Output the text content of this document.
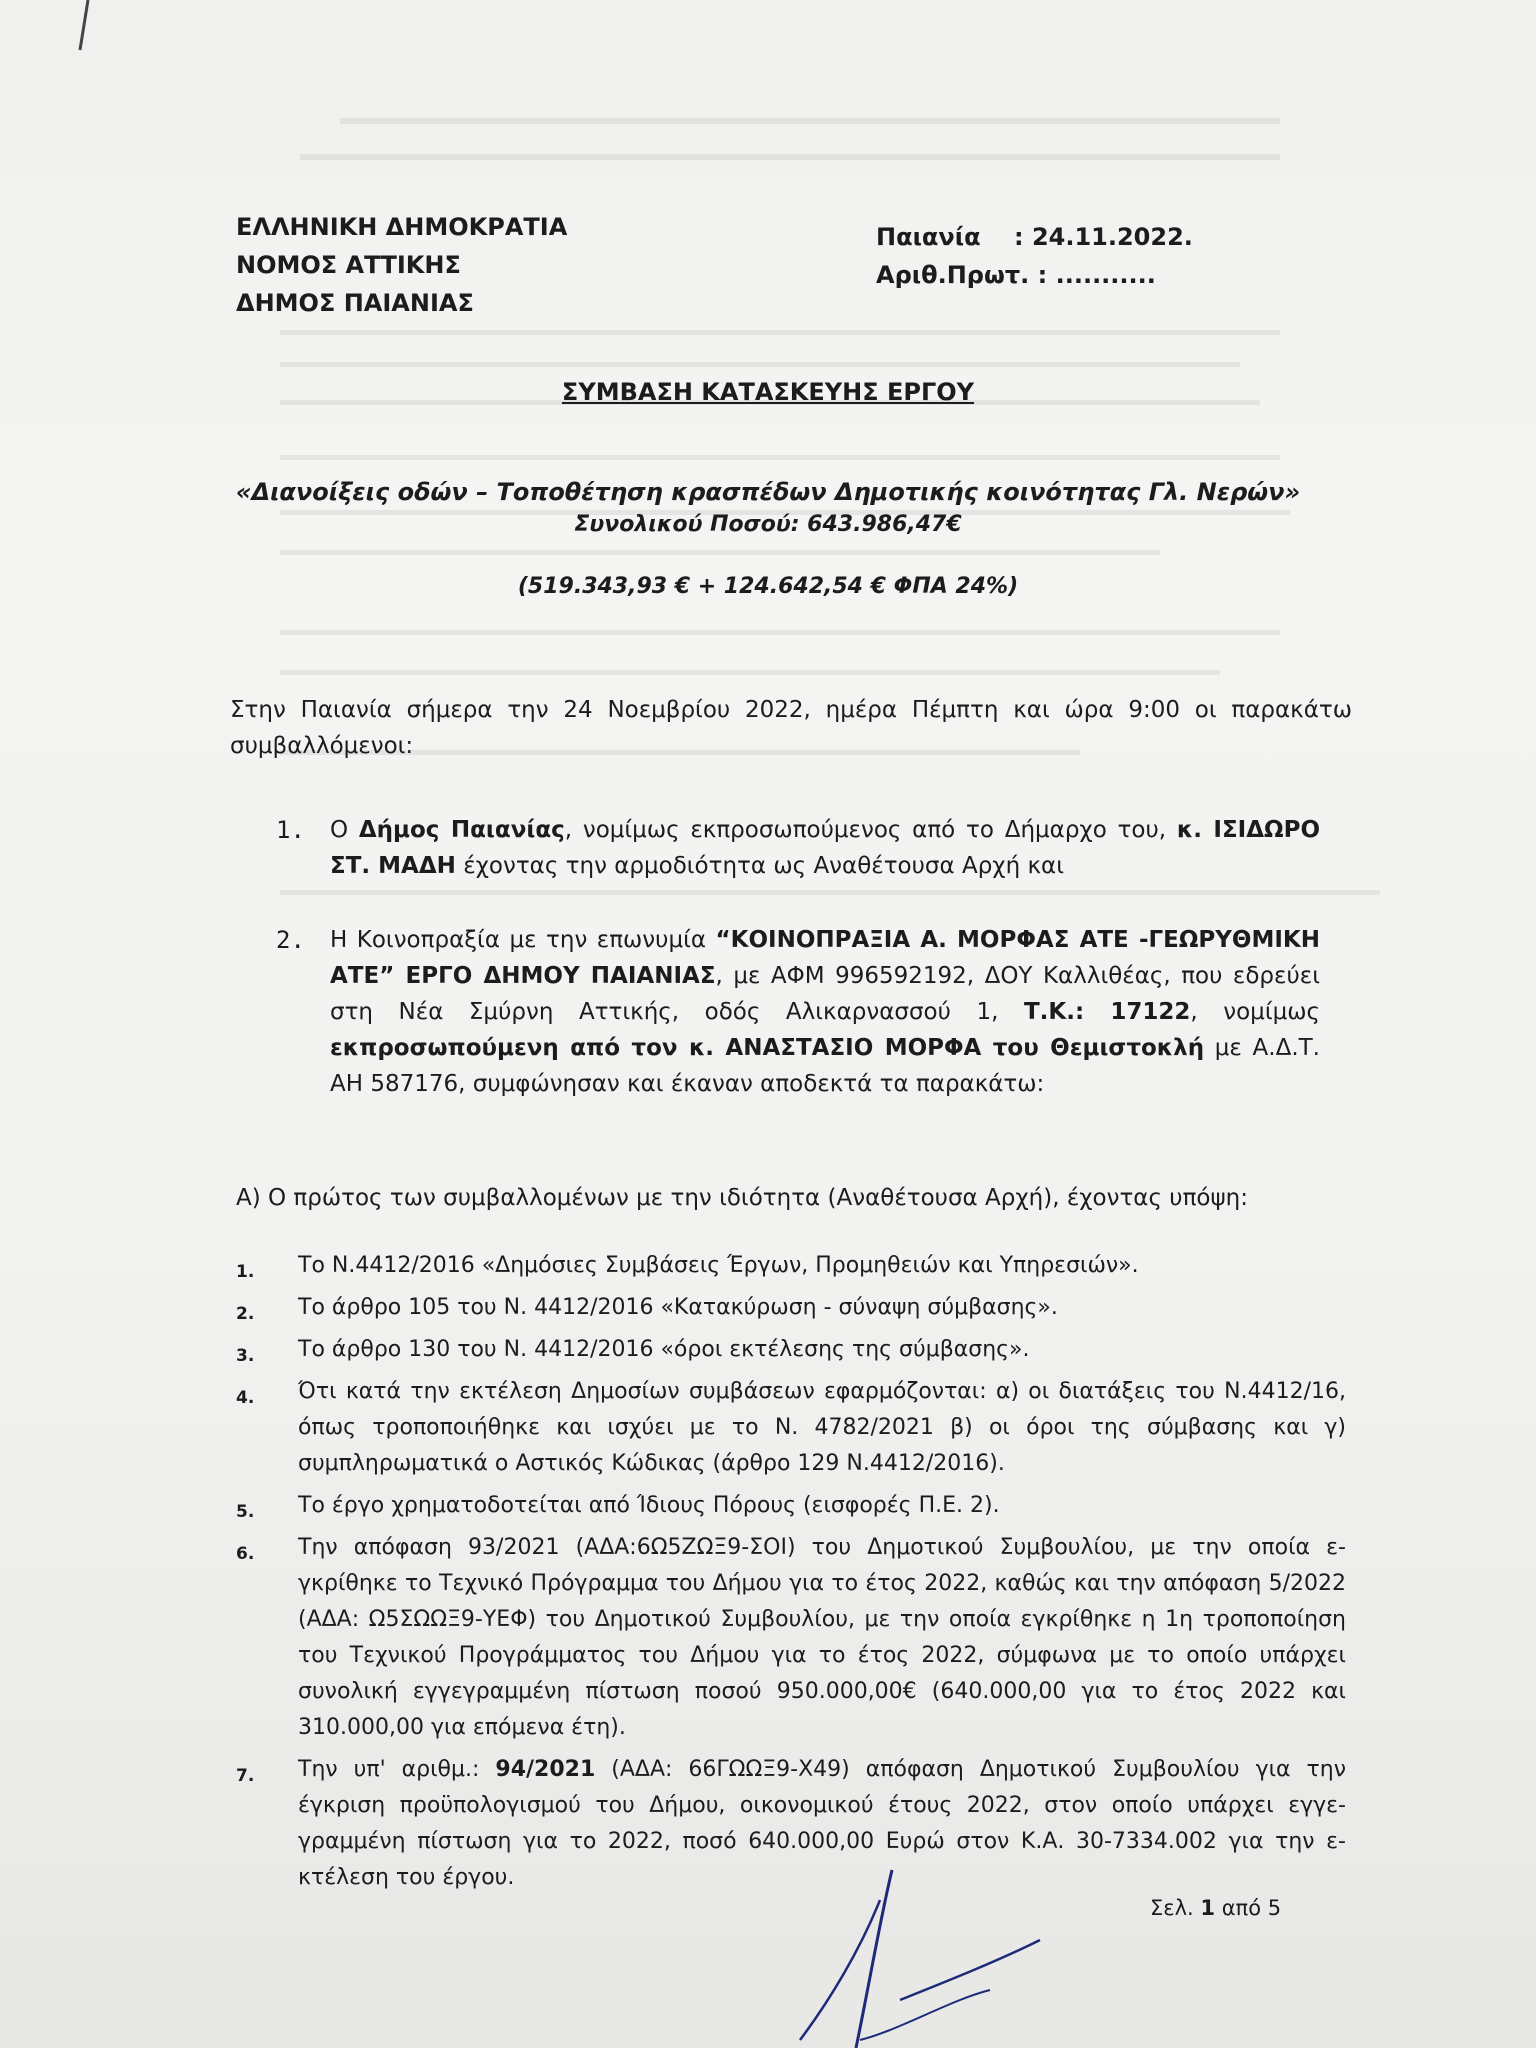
ΕΛΛΗΝΙΚΗ ΔΗΜΟΚΡΑΤΙΑ
ΝΟΜΟΣ ΑΤΤΙΚΗΣ
ΔΗΜΟΣ ΠΑΙΑΝΙΑΣ
Παιανία : 24.11.2022.
Αριθ.Πρωτ. : ...........
ΣΥΜΒΑΣΗ ΚΑΤΑΣΚΕΥΗΣ ΕΡΓΟΥ
«Διανοίξεις οδών – Τοποθέτηση κρασπέδων Δημοτικής κοινότητας Γλ. Νερών»
Συνολικού Ποσού: 643.986,47€
(519.343,93 € + 124.642,54 € ΦΠΑ 24%)
Στην Παιανία σήμερα την 24 Νοεμβρίου 2022, ημέρα Πέμπτη και ώρα 9:00 οι παρακάτω συμβαλλόμενοι:
1. Ο Δήμος Παιανίας, νομίμως εκπροσωπούμενος από το Δήμαρχο του, κ. ΙΣΙΔΩΡΟ ΣΤ. ΜΑΔΗ έχοντας την αρμοδιότητα ως Αναθέτουσα Αρχή και
2. Η Κοινοπραξία με την επωνυμία “ΚΟΙΝΟΠΡΑΞΙΑ Α. ΜΟΡΦΑΣ ΑΤΕ -ΓΕΩΡΥΘΜΙΚΗ ΑΤΕ” ΕΡΓΟ ΔΗΜΟΥ ΠΑΙΑΝΙΑΣ, με ΑΦΜ 996592192, ΔΟΥ Καλλιθέας, που εδρεύει στη Νέα Σμύρνη Αττικής, οδός Αλικαρνασσού 1, Τ.Κ.: 17122, νομίμως εκπροσωπούμενη από τον κ. ΑΝΑΣΤΑΣΙΟ ΜΟΡΦΑ του Θεμιστοκλή με Α.Δ.Τ. ΑΗ 587176, συμφώνησαν και έκαναν αποδεκτά τα παρακάτω:
Α) Ο πρώτος των συμβαλλομένων με την ιδιότητα (Αναθέτουσα Αρχή), έχοντας υπόψη:
1.	Το Ν.4412/2016 «Δημόσιες Συμβάσεις Έργων, Προμηθειών και Υπηρεσιών».
2.	Το άρθρο 105 του Ν. 4412/2016 «Κατακύρωση - σύναψη σύμβασης».
3.	Το άρθρο 130 του Ν. 4412/2016 «όροι εκτέλεσης της σύμβασης».
4.	Ότι κατά την εκτέλεση Δημοσίων συμβάσεων εφαρμόζονται: α) οι διατάξεις του Ν.4412/16, όπως τροποποιήθηκε και ισχύει με το Ν. 4782/2021 β) οι όροι της σύμβασης και γ) συμπληρωματικά ο Αστικός Κώδικας (άρθρο 129 Ν.4412/2016).
5.	Το έργο χρηματοδοτείται από Ίδιους Πόρους (εισφορές Π.Ε. 2).
6.	Την απόφαση 93/2021 (ΑΔΑ:6Ω5ΖΩΞ9-ΣΟΙ) του Δημοτικού Συμβουλίου, με την οποία ε-γκρίθηκε το Τεχνικό Πρόγραμμα του Δήμου για το έτος 2022, καθώς και την απόφαση 5/2022 (ΑΔΑ: Ω5ΣΩΩΞ9-ΥΕΦ) του Δημοτικού Συμβουλίου, με την οποία εγκρίθηκε η 1η τροποποίηση του Τεχνικού Προγράμματος του Δήμου για το έτος 2022, σύμφωνα με το οποίο υπάρχει συνολική εγγεγραμμένη πίστωση ποσού 950.000,00€ (640.000,00 για το έτος 2022 και 310.000,00 για επόμενα έτη).
7.	Την υπ' αριθμ.: 94/2021 (ΑΔΑ: 66ΓΩΩΞ9-Χ49) απόφαση Δημοτικού Συμβουλίου για την έγκριση προϋπολογισμού του Δήμου, οικονομικού έτους 2022, στον οποίο υπάρχει εγγε-γραμμένη πίστωση για το 2022, ποσό 640.000,00 Ευρώ στον Κ.Α. 30-7334.002 για την ε-κτέλεση του έργου.
Σελ. 1 από 5
